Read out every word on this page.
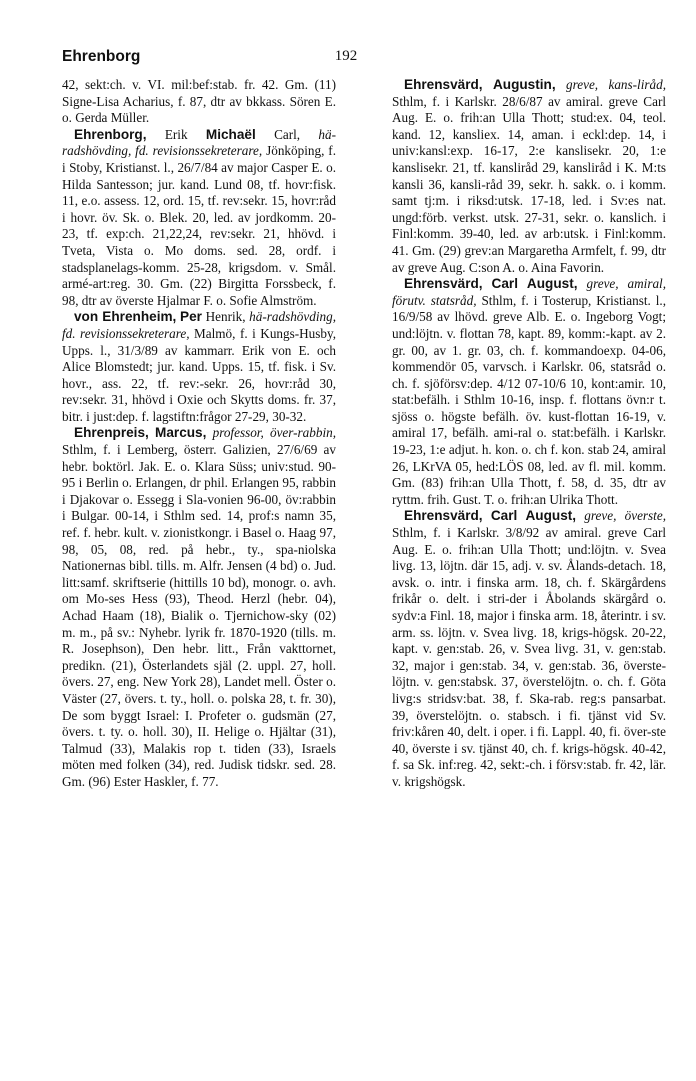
Ehrenborg	192

42, sekt:ch. v. VI. mil:bef:stab. fr. 42. Gm. (11) Signe-Lisa Acharius, f. 87, dtr av bkkass. Sören E. o. Gerda Müller.

Ehrenborg, Erik Michaël Carl, hä-radshövding, fd. revisionssekreterare, Jönköping, f. i Stoby, Kristianst. l., 26/7/84 av major Casper E. o. Hilda Santesson; jur. kand. Lund 08, tf. hovr:fisk. 11, e.o. assess. 12, ord. 15, tf. rev:sekr. 15, hovr:råd i hovr. öv. Sk. o. Blek. 20, led. av jordkomm. 20-23, tf. exp:ch. 21,22,24, rev:sekr. 21, hhövd. i Tveta, Vista o. Mo doms. sed. 28, ordf. i stadsplanelags-komm. 25-28, krigsdom. v. Smål. armé-art:reg. 30. Gm. (22) Birgitta Forssbeck, f. 98, dtr av överste Hjalmar F. o. Sofie Almström.

von Ehrenheim, Per Henrik, hä-radshövding, fd. revisionssekreterare, Malmö, f. i Kungs-Husby, Upps. l., 31/3/89 av kammarr. Erik von E. och Alice Blomstedt; jur. kand. Upps. 15, tf. fisk. i Sv. hovr., ass. 22, tf. rev:-sekr. 26, hovr:råd 30, rev:sekr. 31, hhövd i Oxie och Skytts doms. fr. 37, bitr. i just:dep. f. lagstiftn:frågor 27-29, 30-32.

Ehrenpreis, Marcus, professor, över-rabbin, Sthlm, f. i Lemberg, österr. Galizien, 27/6/69 av hebr. boktörl. Jak. E. o. Klara Süss; univ:stud. 90-95 i Berlin o. Erlangen, dr phil. Erlangen 95, rabbin i Djakovar o. Essegg i Sla-vonien 96-00, öv:rabbin i Bulgar. 00-14, i Sthlm sed. 14, prof:s namn 35, ref. f. hebr. kult. v. zionistkongr. i Basel o. Haag 97, 98, 05, 08, red. på hebr., ty., spa-niolska Nationernas bibl. tills. m. Alfr. Jensen (4 bd) o. Jud. litt:samf. skriftserie (hittills 10 bd), monogr. o. avh. om Mo-ses Hess (93), Theod. Herzl (hebr. 04), Achad Haam (18), Bialik o. Tjernichow-sky (02) m. m., på sv.: Nyhebr. lyrik fr. 1870-1920 (tills. m. R. Josephson), Den hebr. litt., Från vakttornet, predikn. (21), Österlandets själ (2. uppl. 27, holl. övers. 27, eng. New York 28), Landet mell. Öster o. Väster (27, övers. t. ty., holl. o. polska 28, t. fr. 30), De som byggt Israel: I. Profeter o. gudsmän (27, övers. t. ty. o. holl. 30), II. Helige o. Hjältar (31), Talmud (33), Malakis rop t. tiden (33), Israels möten med folken (34), red. Judisk tidskr. sed. 28. Gm. (96) Ester Haskler, f. 77.

Ehrensvärd, Augustin, greve, kans-liråd, Sthlm, f. i Karlskr. 28/6/87 av amiral. greve Carl Aug. E. o. frih:an Ulla Thott; stud:ex. 04, teol. kand. 12, kansliex. 14, aman. i eckl:dep. 14, i univ:kansl:exp. 16-17, 2:e kanslisekr. 20, 1:e kanslisekr. 21, tf. kansliråd 29, kansliråd i K. M:ts kansli 36, kansli-råd 39, sekr. h. sakk. o. i komm. samt tj:m. i riksd:utsk. 17-18, led. i Sv:es nat. ungd:förb. verkst. utsk. 27-31, sekr. o. kanslich. i Finl:komm. 39-40, led. av arb:utsk. i Finl:komm. 41. Gm. (29) grev:an Margaretha Armfelt, f. 99, dtr av greve Aug. C:son A. o. Aina Favorin.

Ehrensvärd, Carl August, greve, amiral, förutv. statsråd, Sthlm, f. i Tosterup, Kristianst. l., 16/9/58 av lhövd. greve Alb. E. o. Ingeborg Vogt; und:löjtn. v. flottan 78, kapt. 89, komm:-kapt. av 2. gr. 00, av 1. gr. 03, ch. f. kommandoexp. 04-06, kommendör 05, varvsch. i Karlskr. 06, statsråd o. ch. f. sjöförsv:dep. 4/12 07-10/6 10, kont:amir. 10, stat:befälh. i Sthlm 10-16, insp. f. flottans övn:r t. sjöss o. högste befälh. öv. kust-flottan 16-19, v. amiral 17, befälh. ami-ral o. stat:befälh. i Karlskr. 19-23, 1:e adjut. h. kon. o. ch f. kon. stab 24, amiral 26, LKrVA 05, hed:LÖS 08, led. av fl. mil. komm. Gm. (83) frih:an Ulla Thott, f. 58, d. 35, dtr av ryttm. frih. Gust. T. o. frih:an Ulrika Thott.

Ehrensvärd, Carl August, greve, överste, Sthlm, f. i Karlskr. 3/8/92 av amiral. greve Carl Aug. E. o. frih:an Ulla Thott; und:löjtn. v. Svea livg. 13, löjtn. där 15, adj. v. sv. Ålands-detach. 18, avsk. o. intr. i finska arm. 18, ch. f. Skärgårdens frikår o. delt. i stri-der i Åbolands skärgård o. sydv:a Finl. 18, major i finska arm. 18, återintr. i sv. arm. ss. löjtn. v. Svea livg. 18, krigs-högsk. 20-22, kapt. v. gen:stab. 26, v. Svea livg. 31, v. gen:stab. 32, major i gen:stab. 34, v. gen:stab. 36, överste-löjtn. v. gen:stabsk. 37, överstelöjtn. o. ch. f. Göta livg:s stridsv:bat. 38, f. Ska-rab. reg:s pansarbat. 39, överstelöjtn. o. stabsch. i fi. tjänst vid Sv. friv:kåren 40, delt. i oper. i fi. Lappl. 40, fi. över-ste 40, överste i sv. tjänst 40, ch. f. krigs-högsk. 40-42, f. sa Sk. inf:reg. 42, sekt:-ch. i försv:stab. fr. 42, lär. v. krigshögsk.
